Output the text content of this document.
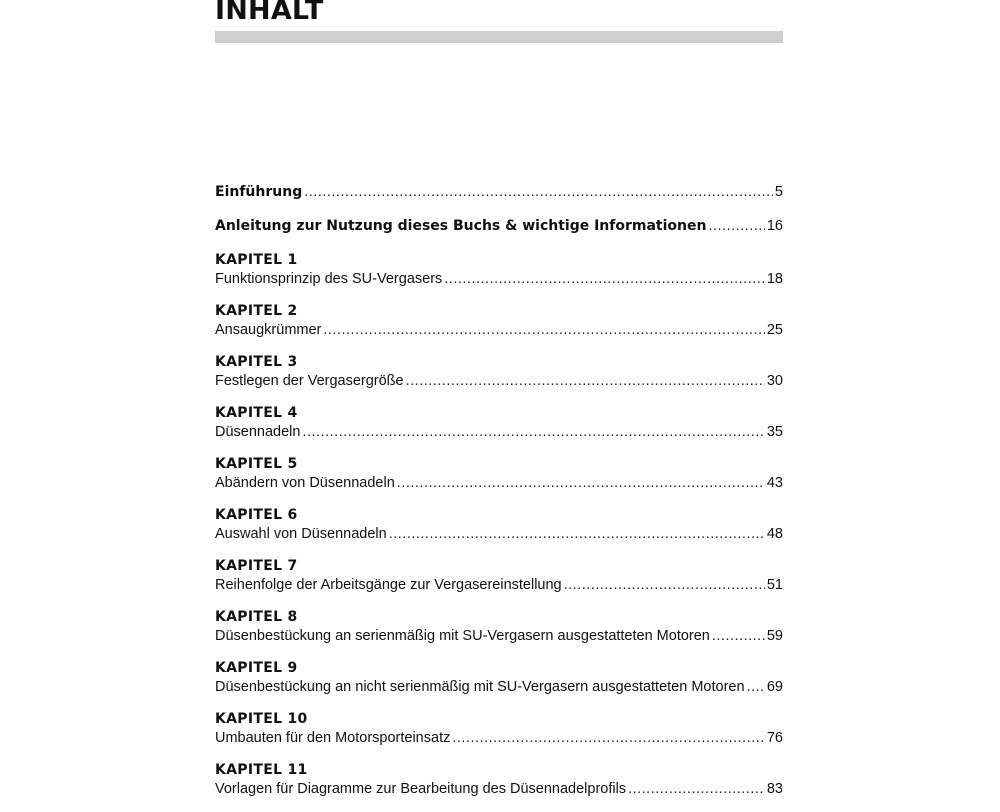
INHALT
Einführung .....	5
Anleitung zur Nutzung dieses Buchs & wichtige Informationen .....	16
KAPITEL 1
Funktionsprinzip des SU-Vergasers .....	18
KAPITEL 2
Ansaugkrümmer .....	25
KAPITEL 3
Festlegen der Vergasergröße .....	30
KAPITEL 4
Düsennadeln .....	35
KAPITEL 5
Abändern von Düsennadeln .....	43
KAPITEL 6
Auswahl von Düsennadeln .....	48
KAPITEL 7
Reihenfolge der Arbeitsgänge zur Vergasereinstellung .....	51
KAPITEL 8
Düsenbestückung an serienmäßig mit SU-Vergasern ausgestatteten Motoren .....	59
KAPITEL 9
Düsenbestückung an nicht serienmäßig mit SU-Vergasern ausgestatteten Motoren ..... 69
KAPITEL 10
Umbauten für den Motorsporteinsatz .....	76
KAPITEL 11
Vorlagen für Diagramme zur Bearbeitung des Düsennadelprofils .....	83
